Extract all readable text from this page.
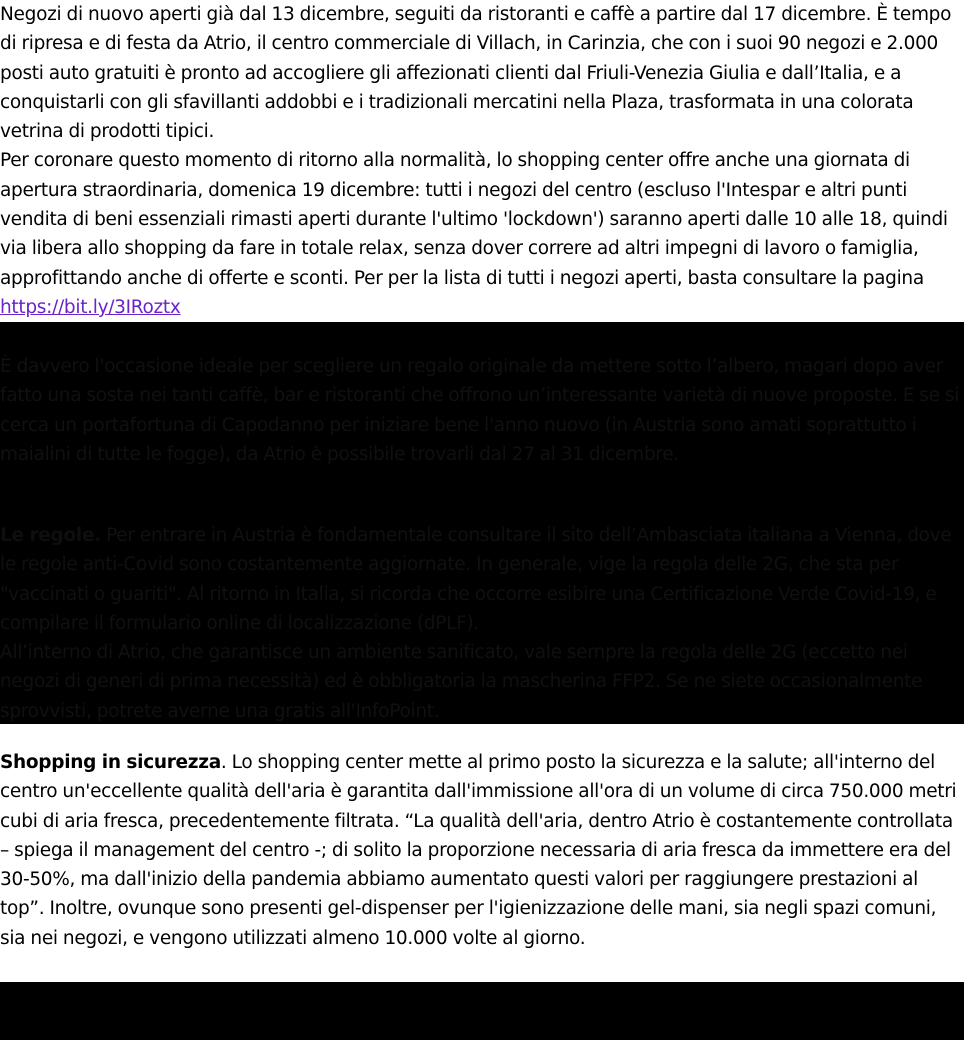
Negozi di nuovo aperti già dal 13 dicembre, seguiti da ristoranti e caffè a partire dal 17 dicembre. È tempo di ripresa e di festa da Atrio, il centro commerciale di Villach, in Carinzia, che con i suoi 90 negozi e 2.000 posti auto gratuiti è pronto ad accogliere gli affezionati clienti dal Friuli-Venezia Giulia e dall’Italia, e a conquistarli con gli sfavillanti addobbi e i tradizionali mercatini nella Plaza, trasformata in una colorata vetrina di prodotti tipici.

Per coronare questo momento di ritorno alla normalità, lo shopping center offre anche una giornata di apertura straordinaria, domenica 19 dicembre: tutti i negozi del centro (escluso l'Intespar e altri punti vendita di beni essenziali rimasti aperti durante l'ultimo 'lockdown') saranno aperti dalle 10 alle 18, quindi via libera allo shopping da fare in totale relax, senza dover correre ad altri impegni di lavoro o famiglia, approfittando anche di offerte e sconti. Per per la lista di tutti i negozi aperti, basta consultare la pagina https://bit.ly/3IRoztx

È davvero l'occasione ideale per scegliere un regalo originale da mettere sotto l’albero, magari dopo aver fatto una sosta nei tanti caffè, bar e ristoranti che offrono un’interessante varietà di nuove proposte. E se si cerca un portafortuna di Capodanno per iniziare bene l'anno nuovo (in Austria sono amati soprattutto i maialini di tutte le fogge), da Atrio è possibile trovarli dal 27 al 31 dicembre.

Le regole. Per entrare in Austria è fondamentale consultare il sito dell’Ambasciata italiana a Vienna, dove le regole anti-Covid sono costantemente aggiornate. In generale, vige la regola delle 2G, che sta per "vaccinati o guariti". Al ritorno in Italia, si ricorda che occorre esibire una Certificazione Verde Covid-19, e compilare il formulario online di localizzazione (dPLF).

All’interno di Atrio, che garantisce un ambiente sanificato, vale sempre la regola delle 2G (eccetto nei negozi di generi di prima necessità) ed è obbligatoria la mascherina FFP2. Se ne siete occasionalmente sprovvisti, potrete averne una gratis all'InfoPoint.

Shopping in sicurezza. Lo shopping center mette al primo posto la sicurezza e la salute; all'interno del centro un'eccellente qualità dell'aria è garantita dall'immissione all'ora di un volume di circa 750.000 metri cubi di aria fresca, precedentemente filtrata. “La qualità dell'aria, dentro Atrio è costantemente controllata – spiega il management del centro -; di solito la proporzione necessaria di aria fresca da immettere era del 30-50%, ma dall'inizio della pandemia abbiamo aumentato questi valori per raggiungere prestazioni al top”. Inoltre, ovunque sono presenti gel-dispenser per l'igienizzazione delle mani, sia negli spazi comuni, sia nei negozi, e vengono utilizzati almeno 10.000 volte al giorno.
